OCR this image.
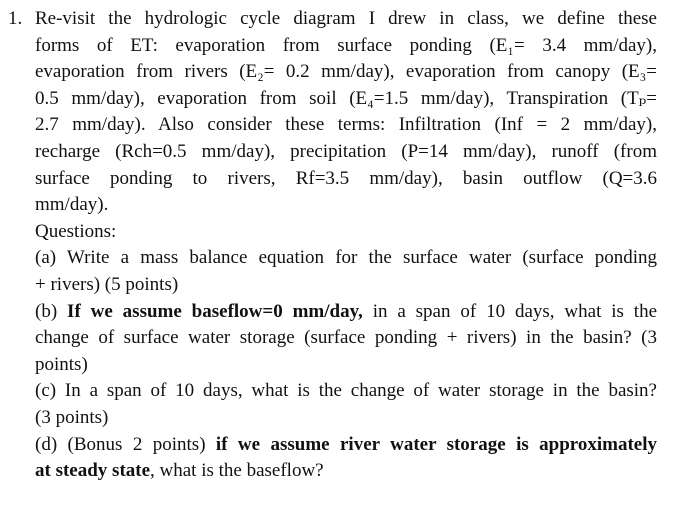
1. Re-visit the hydrologic cycle diagram I drew in class, we define these
forms of ET: evaporation from surface ponding (E₁= 3.4 mm/day),
evaporation from rivers (E₂= 0.2 mm/day), evaporation from canopy (E₃=
0.5 mm/day), evaporation from soil (E₄=1.5 mm/day), Transpiration (Tₚ=
2.7 mm/day). Also consider these terms: Infiltration (Inf = 2 mm/day),
recharge (Rch=0.5 mm/day), precipitation (P=14 mm/day), runoff (from
surface ponding to rivers, Rf=3.5 mm/day), basin outflow (Q=3.6
mm/day).
Questions:
(a) Write a mass balance equation for the surface water (surface ponding
+ rivers) (5 points)
(b) If we assume baseflow=0 mm/day, in a span of 10 days, what is the
change of surface water storage (surface ponding + rivers) in the basin? (3
points)
(c) In a span of 10 days, what is the change of water storage in the basin?
(3 points)
(d) (Bonus 2 points) if we assume river water storage is approximately
at steady state, what is the baseflow?
